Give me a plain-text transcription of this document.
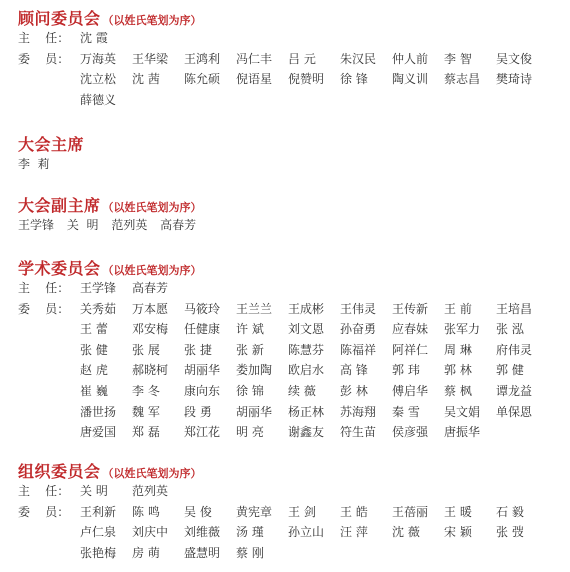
顾问委员会 （以姓氏笔划为序）
主    任： 沈 霞
委    员： 万海英	王华梁	王鸿利	冯仁丰	吕 元	朱汉民	仲人前	李 智	吴文俊
沈立松	沈 茜	陈允硕	倪语星	倪赞明	徐 锋	陶义训	蔡志昌	樊琦诗
薛德义
大会主席
李  莉
大会副主席 （以姓氏笔划为序）
王学锋 关  明 范列英 高春芳
学术委员会 （以姓氏笔划为序）
主    任： 王学锋	高春芳
委    员： 关秀茹	万本愿	马筱玲	王兰兰	王成彬	王伟灵	王传新	王 前	王培昌
王 蕾	邓安梅	任健康	许 斌	刘文恩	孙奋勇	应春妹	张军力	张 泓
张 健	张 展	张 捷	张 新	陈慧芬	陈福祥	阿祥仁	周 琳	府伟灵
赵 虎	郝晓柯	胡丽华	娄加陶	欧启水	高 锋	郭 玮	郭 林	郭 健
崔 巍	李 冬	康向东	徐 锦	续 薇	彭 林	傅启华	蔡 枫	谭龙益
潘世扬	魏 军	段 勇	胡丽华	杨正林	苏海翔	秦 雪	吴文娟	单保恩
唐爱国	郑 磊	郑江花	明 亮	谢鑫友	符生苗	侯彦强	唐振华
组织委员会 （以姓氏笔划为序）
主    任： 关 明	范列英
委    员： 王利新	陈 鸣	吴 俊	黄宪章	王 剑	王 皓	王蓓丽	王 暖	石 毅
卢仁泉	刘庆中	刘维薇	汤 瑾	孙立山	汪 萍	沈 薇	宋 颖	张 弢
张艳梅	房 萌	盛慧明	蔡 刚
